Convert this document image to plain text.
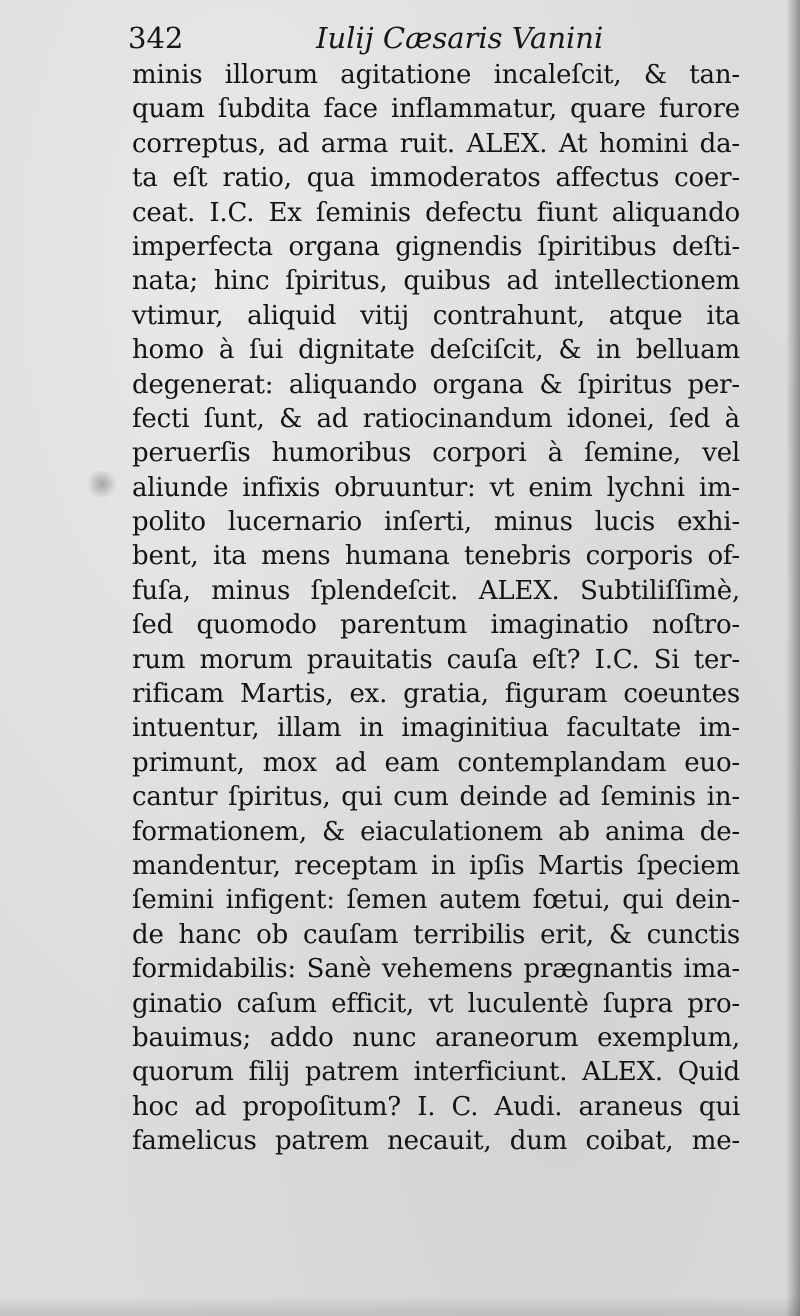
342	Iulij Cæsaris Vanini
minis illorum agitatione incaleſcit, & tan-
quam ſubdita face inflammatur, quare furore
correptus, ad arma ruit. ALEX. At homini da-
ta eſt ratio, qua immoderatos affectus coer-
ceat. I.C. Ex ſeminis defectu fiunt aliquando
imperfecta organa gignendis ſpiritibus deſti-
nata; hinc ſpiritus, quibus ad intellectionem
vtimur, aliquid vitij contrahunt, atque ita
homo à ſui dignitate deſciſcit, & in belluam
degenerat: aliquando organa & ſpiritus per-
fecti ſunt, & ad ratiocinandum idonei, ſed à
peruerſis humoribus corpori à ſemine, vel
aliunde infixis obruuntur: vt enim lychni im-
polito lucernario inſerti, minus lucis exhi-
bent, ita mens humana tenebris corporis of-
fuſa, minus ſplendeſcit. ALEX. Subtiliſſimè,
ſed quomodo parentum imaginatio noſtro-
rum morum prauitatis cauſa eſt? I.C. Si ter-
rificam Martis, ex. gratia, figuram coeuntes
intuentur, illam in imaginitiua facultate im-
primunt, mox ad eam contemplandam euo-
cantur ſpiritus, qui cum deinde ad ſeminis in-
formationem, & eiaculationem ab anima de-
mandentur, receptam in ipſis Martis ſpeciem
ſemini infigent: ſemen autem fœtui, qui dein-
de hanc ob cauſam terribilis erit, & cunctis
formidabilis: Sanè vehemens prægnantis ima-
ginatio caſum efficit, vt luculentè ſupra pro-
bauimus; addo nunc araneorum exemplum,
quorum filij patrem interficiunt. ALEX. Quid
hoc ad propoſitum? I. C. Audi. araneus qui
famelicus patrem necauit, dum coibat, me-
